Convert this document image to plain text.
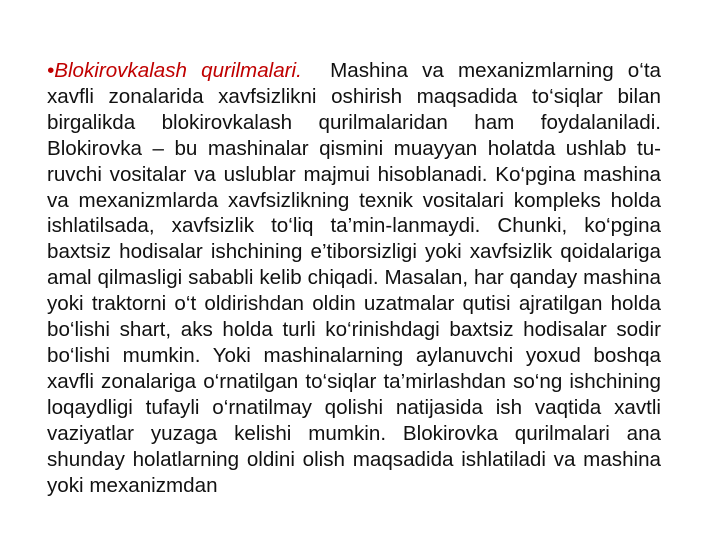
•Blokirovkalash qurilmalari. Mashina va mexanizmlarning o‘ta xavfli zonalarida xavfsizlikni oshirish maqsadida to‘siqlar bilan birgalikda blokirovkalash qurilmalaridan ham foydalaniladi. Blokirovka – bu mashinalar qismini muayyan holatda ushlab tu- ruvchi vositalar va uslublar majmui hisoblanadi. Ko‘pgina mashina va mexanizmlarda xavfsizlikning texnik vositalari kompleks holda ishlatilsada, xavfsizlik to‘liq ta’min-lanmaydi. Chunki, ko‘pgina baxtsiz hodisalar ishchining e’tiborsizligi yoki xavfsizlik qoidalariga amal qilmasligi sababli kelib chiqadi. Masalan, har qanday mashina yoki traktorni o‘t oldirishdan oldin uzatmalar qutisi ajratilgan holda bo‘lishi shart, aks holda turli ko‘rinishdagi baxtsiz hodisalar sodir bo‘lishi mumkin. Yoki mashinalarning aylanuvchi yoxud boshqa xavfli zonalariga o‘rnatilgan to‘siqlar ta’mirlashdan so‘ng ishchining loqaydligi tufayli o‘rnatilmay qolishi natijasida ish vaqtida xavtli vaziyatlar yuzaga kelishi mumkin. Blokirovka qurilmalari ana shunday holatlarning oldini olish maqsadida ishlatiladi va mashina yoki mexanizmdan
